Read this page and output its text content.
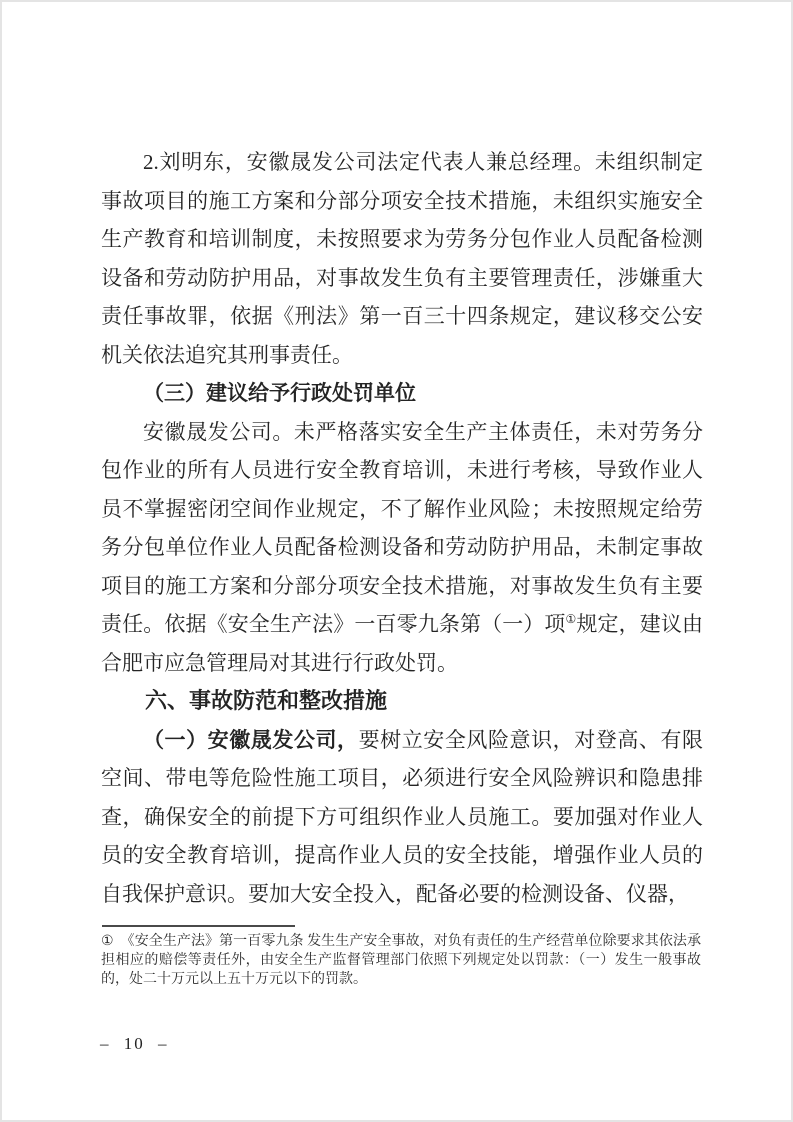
2.刘明东，安徽晟发公司法定代表人兼总经理。未组织制定事故项目的施工方案和分部分项安全技术措施，未组织实施安全生产教育和培训制度，未按照要求为劳务分包作业人员配备检测设备和劳动防护用品，对事故发生负有主要管理责任，涉嫌重大责任事故罪，依据《刑法》第一百三十四条规定，建议移交公安机关依法追究其刑事责任。

（三）建议给予行政处罚单位

安徽晟发公司。未严格落实安全生产主体责任，未对劳务分包作业的所有人员进行安全教育培训，未进行考核，导致作业人员不掌握密闭空间作业规定，不了解作业风险；未按照规定给劳务分包单位作业人员配备检测设备和劳动防护用品，未制定事故项目的施工方案和分部分项安全技术措施，对事故发生负有主要责任。依据《安全生产法》一百零九条第（一）项①规定，建议由合肥市应急管理局对其进行行政处罚。

六、事故防范和整改措施

（一）安徽晟发公司，要树立安全风险意识，对登高、有限空间、带电等危险性施工项目，必须进行安全风险辨识和隐患排查，确保安全的前提下方可组织作业人员施工。要加强对作业人员的安全教育培训，提高作业人员的安全技能，增强作业人员的自我保护意识。要加大安全投入，配备必要的检测设备、仪器，

① 《安全生产法》第一百零九条 发生生产安全事故，对负有责任的生产经营单位除要求其依法承担相应的赔偿等责任外，由安全生产监督管理部门依照下列规定处以罚款：（一）发生一般事故的，处二十万元以上五十万元以下的罚款。
– 10 –
